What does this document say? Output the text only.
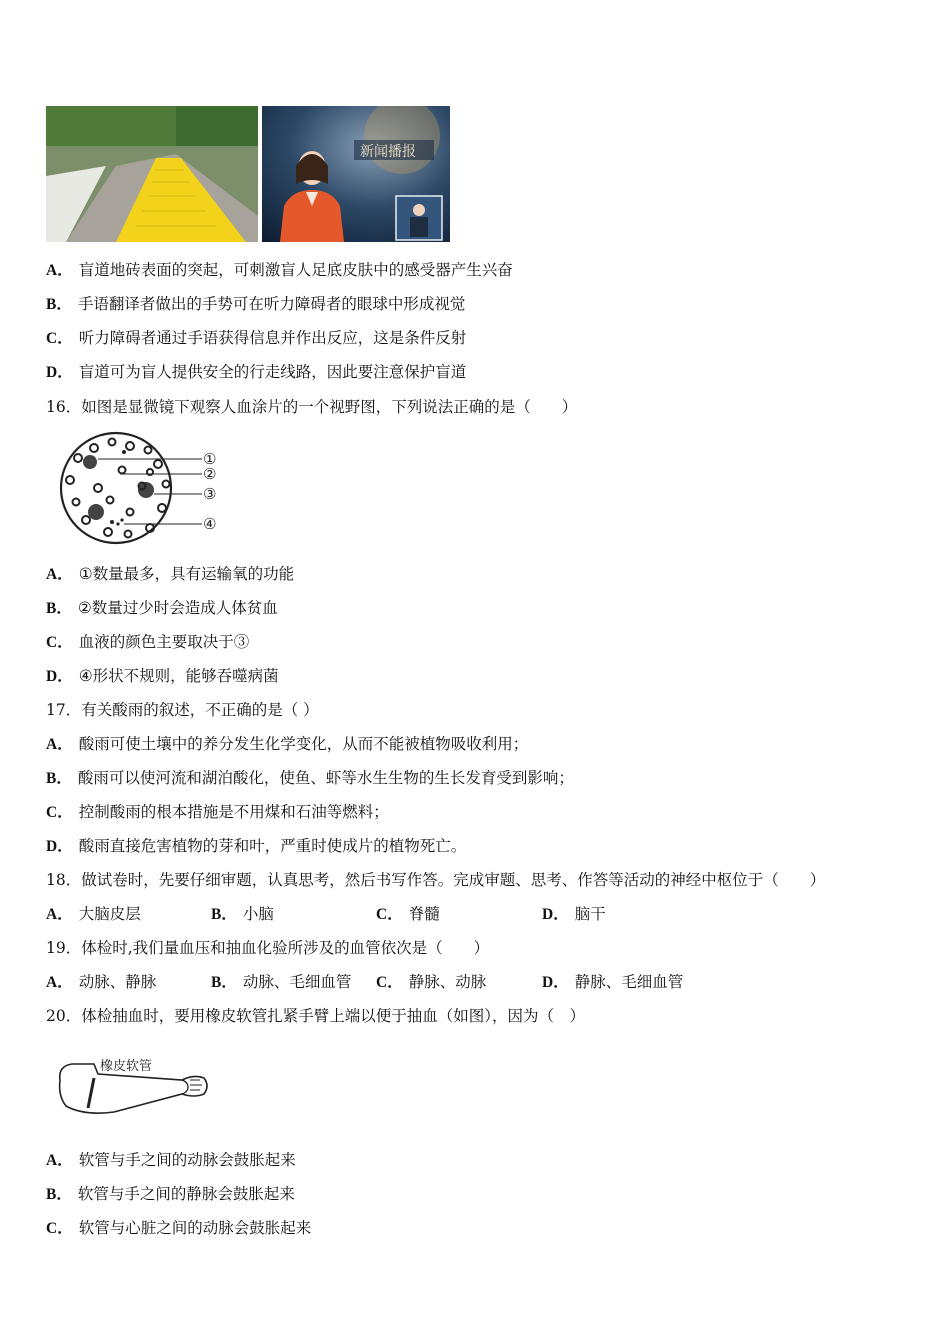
新闻播报
A． 盲道地砖表面的突起，可刺激盲人足底皮肤中的感受器产生兴奋
B． 手语翻译者做出的手势可在听力障碍者的眼球中形成视觉
C． 听力障碍者通过手语获得信息并作出反应，这是条件反射
D． 盲道可为盲人提供安全的行走线路，因此要注意保护盲道
16．如图是显微镜下观察人血涂片的一个视野图，下列说法正确的是（　　）
①
②
③
④
A． ①数量最多，具有运输氧的功能
B． ②数量过少时会造成人体贫血
C． 血液的颜色主要取决于③
D． ④形状不规则，能够吞噬病菌
17．有关酸雨的叙述，不正确的是（ ）
A． 酸雨可使土壤中的养分发生化学变化，从而不能被植物吸收利用；
B． 酸雨可以使河流和湖泊酸化，使鱼、虾等水生生物的生长发育受到影响；
C． 控制酸雨的根本措施是不用煤和石油等燃料；
D． 酸雨直接危害植物的芽和叶，严重时使成片的植物死亡。
18．做试卷时，先要仔细审题，认真思考，然后书写作答。完成审题、思考、作答等活动的神经中枢位于（　　）
A． 大脑皮层	B． 小脑	C． 脊髓	D． 脑干
19．体检时,我们量血压和抽血化验所涉及的血管依次是（　　）
A． 动脉、静脉	B． 动脉、毛细血管 C． 静脉、动脉	D． 静脉、毛细血管
20．体检抽血时，要用橡皮软管扎紧手臂上端以便于抽血（如图），因为（　）
橡皮软管
A． 软管与手之间的动脉会鼓胀起来
B． 软管与手之间的静脉会鼓胀起来
C． 软管与心脏之间的动脉会鼓胀起来
